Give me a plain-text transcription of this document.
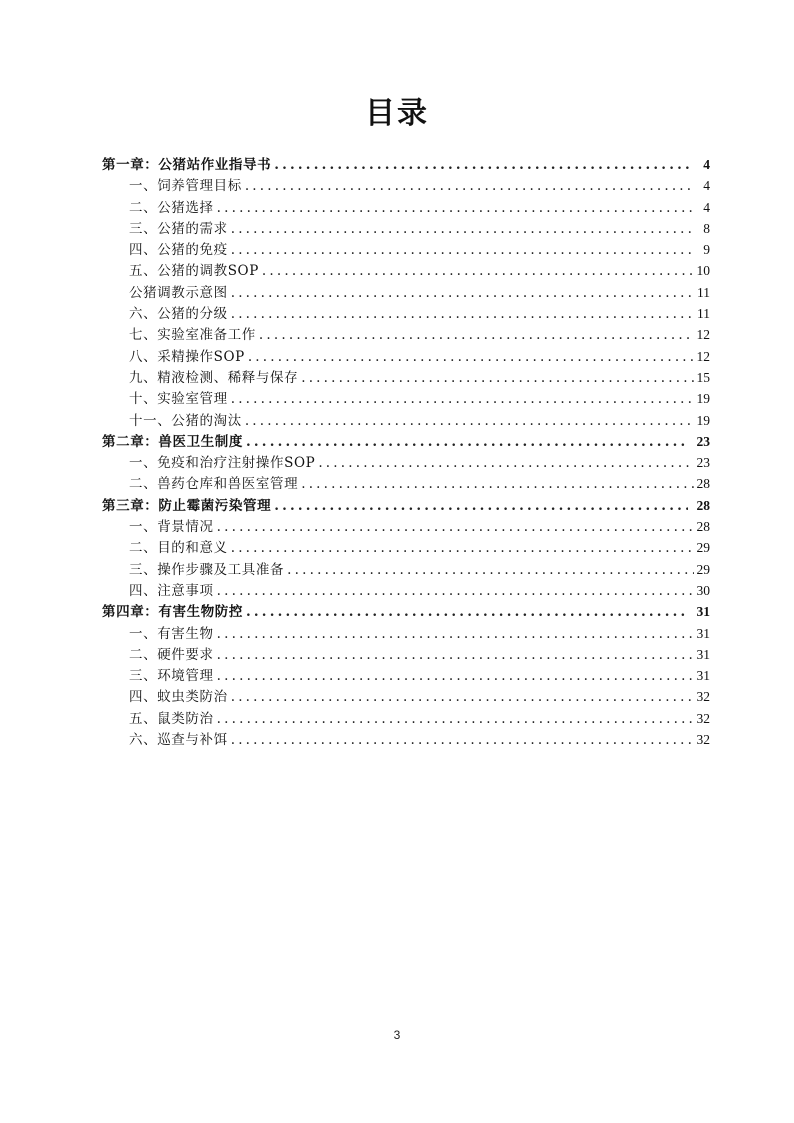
目录
第一章：公猪站作业指导书 .....	4
一、饲养管理目标 .....	4
二、公猪选择 .....	4
三、公猪的需求 .....	8
四、公猪的免疫 .....	9
五、公猪的调教SOP .....	10
公猪调教示意图 .....	11
六、公猪的分级 .....	11
七、实验室准备工作 .....	12
八、采精操作SOP .....	12
九、精液检测、稀释与保存 .....	15
十、实验室管理 .....	19
十一、公猪的淘汰 .....	19
第二章：兽医卫生制度 .....	23
一、免疫和治疗注射操作SOP .....	23
二、兽药仓库和兽医室管理 .....	28
第三章：防止霉菌污染管理 .....	28
一、背景情况 .....	28
二、目的和意义 .....	29
三、操作步骤及工具准备 .....	29
四、注意事项 .....	30
第四章：有害生物防控 .....	31
一、有害生物 .....	31
二、硬件要求 .....	31
三、环境管理 .....	31
四、蚊虫类防治 .....	32
五、鼠类防治 .....	32
六、巡查与补饵 .....	32
3
